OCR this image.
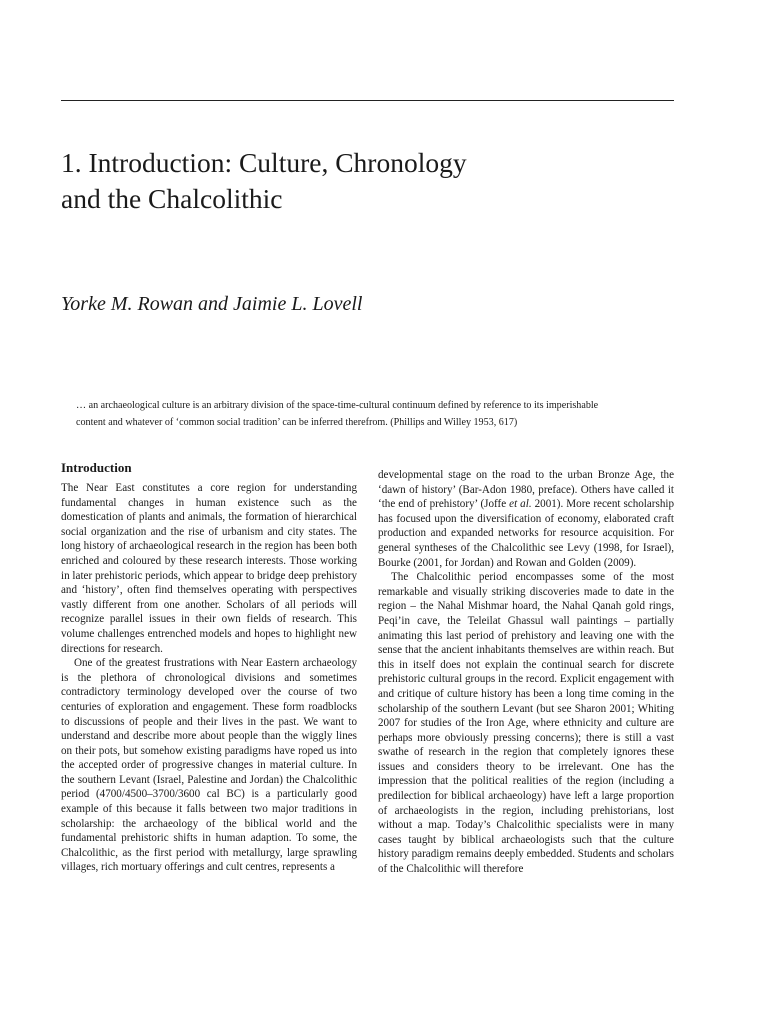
1. Introduction: Culture, Chronology
and the Chalcolithic
Yorke M. Rowan and Jaimie L. Lovell
… an archaeological culture is an arbitrary division of the space-time-cultural continuum defined by reference to its imperishable
content and whatever of ‘common social tradition’ can be inferred therefrom. (Phillips and Willey 1953, 617)
Introduction

The Near East constitutes a core region for understanding fundamental changes in human existence such as the domestication of plants and animals, the formation of hierarchical social organization and the rise of urbanism and city states. The long history of archaeological research in the region has been both enriched and coloured by these research interests. Those working in later prehistoric periods, which appear to bridge deep prehistory and ‘history’, often find themselves operating with perspectives vastly different from one another. Scholars of all periods will recognize parallel issues in their own fields of research. This volume challenges entrenched models and hopes to highlight new directions for research.

One of the greatest frustrations with Near Eastern archaeology is the plethora of chronological divisions and sometimes contradictory terminology developed over the course of two centuries of exploration and engagement. These form roadblocks to discussions of people and their lives in the past. We want to understand and describe more about people than the wiggly lines on their pots, but somehow existing paradigms have roped us into the accepted order of progressive changes in material culture. In the southern Levant (Israel, Palestine and Jordan) the Chalcolithic period (4700/4500–3700/3600 cal BC) is a particularly good example of this because it falls between two major traditions in scholarship: the archaeology of the biblical world and the fundamental prehistoric shifts in human adaption. To some, the Chalcolithic, as the first period with metallurgy, large sprawling villages, rich mortuary offerings and cult centres, represents a

developmental stage on the road to the urban Bronze Age, the ‘dawn of history’ (Bar-Adon 1980, preface). Others have called it ‘the end of prehistory’ (Joffe et al. 2001). More recent scholarship has focused upon the diversification of economy, elaborated craft production and expanded networks for resource acquisition. For general syntheses of the Chalcolithic see Levy (1998, for Israel), Bourke (2001, for Jordan) and Rowan and Golden (2009).

The Chalcolithic period encompasses some of the most remarkable and visually striking discoveries made to date in the region – the Nahal Mishmar hoard, the Nahal Qanah gold rings, Peqi’in cave, the Teleilat Ghassul wall paintings – partially animating this last period of prehistory and leaving one with the sense that the ancient inhabitants themselves are within reach. But this in itself does not explain the continual search for discrete prehistoric cultural groups in the record. Explicit engagement with and critique of culture history has been a long time coming in the scholarship of the southern Levant (but see Sharon 2001; Whiting 2007 for studies of the Iron Age, where ethnicity and culture are perhaps more obviously pressing concerns); there is still a vast swathe of research in the region that completely ignores these issues and considers theory to be irrelevant. One has the impression that the political realities of the region (including a predilection for biblical archaeology) have left a large proportion of archaeologists in the region, including prehistorians, lost without a map. Today’s Chalcolithic specialists were in many cases taught by biblical archaeologists such that the culture history paradigm remains deeply embedded. Students and scholars of the Chalcolithic will therefore
